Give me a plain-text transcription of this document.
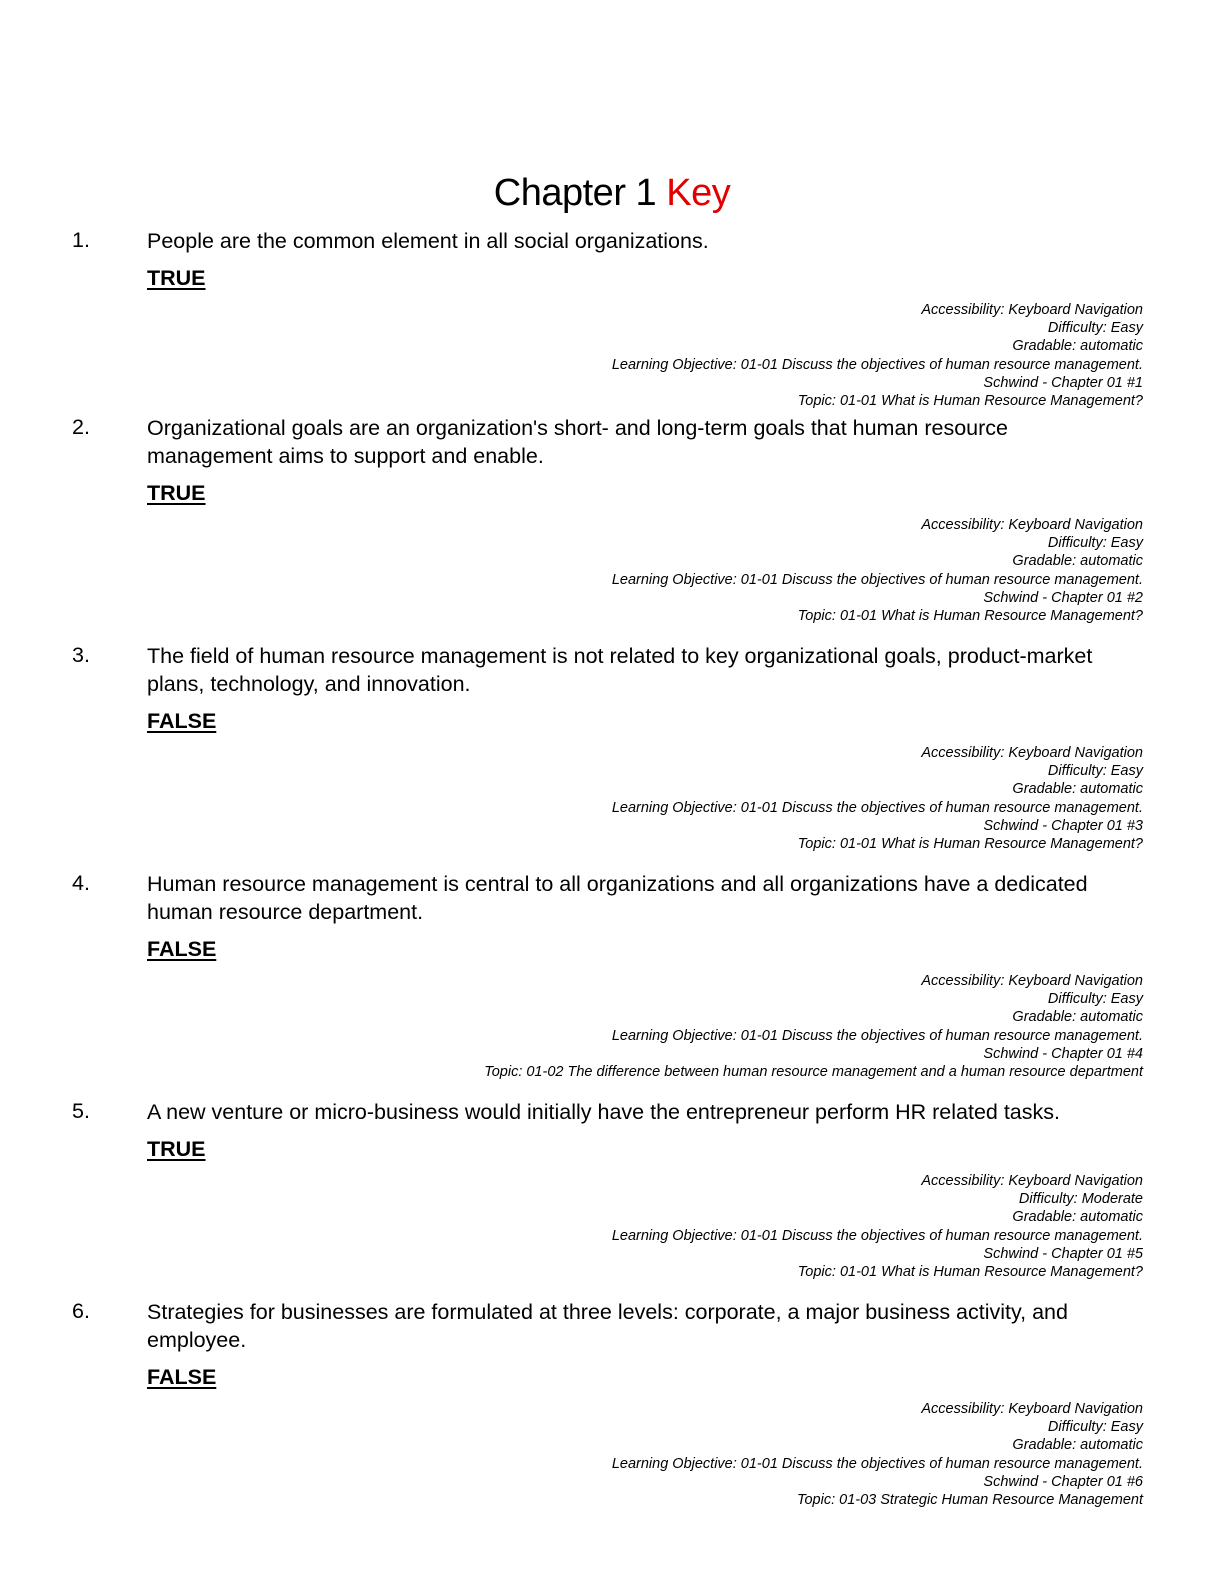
Chapter 1 Key
1.	People are the common element in all social organizations.
TRUE
Accessibility: Keyboard Navigation
Difficulty: Easy
Gradable: automatic
Learning Objective: 01-01 Discuss the objectives of human resource management.
Schwind - Chapter 01 #1
Topic: 01-01 What is Human Resource Management?
2.	Organizational goals are an organization's short- and long-term goals that human resource management aims to support and enable.
TRUE
Accessibility: Keyboard Navigation
Difficulty: Easy
Gradable: automatic
Learning Objective: 01-01 Discuss the objectives of human resource management.
Schwind - Chapter 01 #2
Topic: 01-01 What is Human Resource Management?
3.	The field of human resource management is not related to key organizational goals, product-market plans, technology, and innovation.
FALSE
Accessibility: Keyboard Navigation
Difficulty: Easy
Gradable: automatic
Learning Objective: 01-01 Discuss the objectives of human resource management.
Schwind - Chapter 01 #3
Topic: 01-01 What is Human Resource Management?
4.	Human resource management is central to all organizations and all organizations have a dedicated human resource department.
FALSE
Accessibility: Keyboard Navigation
Difficulty: Easy
Gradable: automatic
Learning Objective: 01-01 Discuss the objectives of human resource management.
Schwind - Chapter 01 #4
Topic: 01-02 The difference between human resource management and a human resource department
5.	A new venture or micro-business would initially have the entrepreneur perform HR related tasks.
TRUE
Accessibility: Keyboard Navigation
Difficulty: Moderate
Gradable: automatic
Learning Objective: 01-01 Discuss the objectives of human resource management.
Schwind - Chapter 01 #5
Topic: 01-01 What is Human Resource Management?
6.	Strategies for businesses are formulated at three levels: corporate, a major business activity, and employee.
FALSE
Accessibility: Keyboard Navigation
Difficulty: Easy
Gradable: automatic
Learning Objective: 01-01 Discuss the objectives of human resource management.
Schwind - Chapter 01 #6
Topic: 01-03 Strategic Human Resource Management
